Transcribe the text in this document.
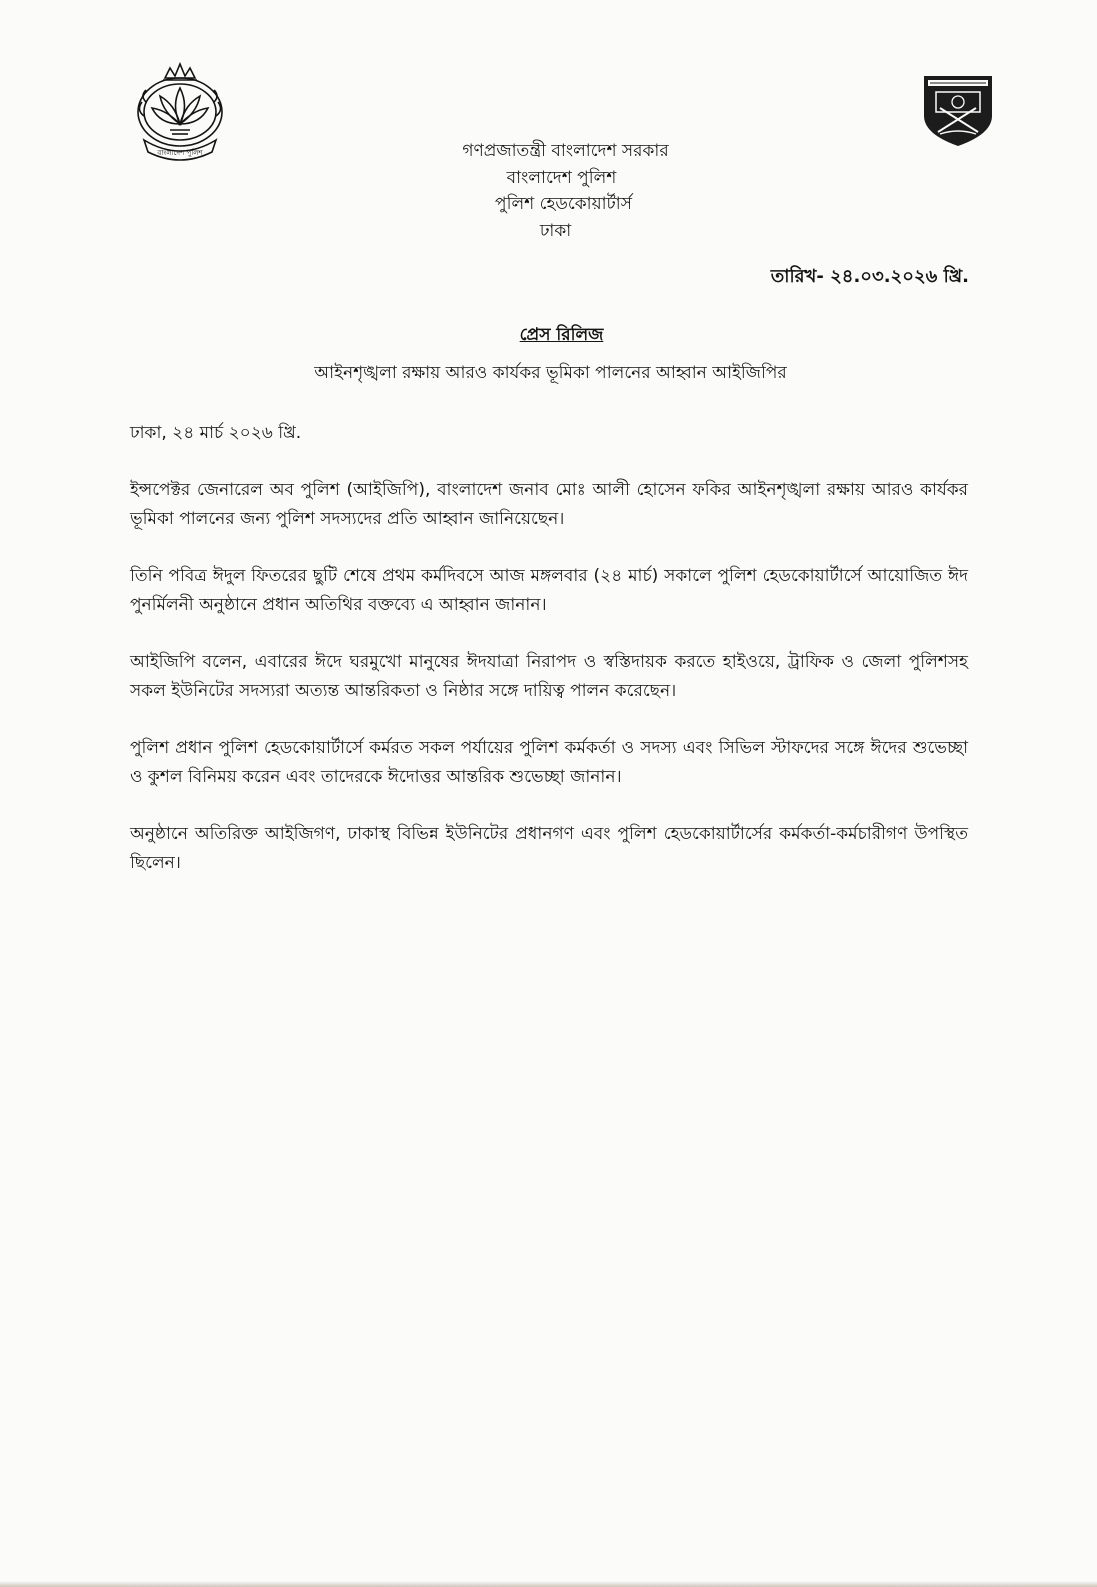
বাংলাদেশ পুলিশ	গণপ্রজাতন্ত্রী বাংলাদেশ সরকার
বাংলাদেশ পুলিশ
পুলিশ হেডকোয়ার্টার্স
ঢাকা
তারিখ- ২৪.০৩.২০২৬ খ্রি.
প্রেস রিলিজ
আইনশৃঙ্খলা রক্ষায় আরও কার্যকর ভূমিকা পালনের আহ্বান আইজিপির
ঢাকা, ২৪ মার্চ ২০২৬ খ্রি.

ইন্সপেক্টর জেনারেল অব পুলিশ (আইজিপি), বাংলাদেশ জনাব মোঃ আলী হোসেন ফকির আইনশৃঙ্খলা রক্ষায় আরও কার্যকর ভূমিকা পালনের জন্য পুলিশ সদস্যদের প্রতি আহ্বান জানিয়েছেন।

তিনি পবিত্র ঈদুল ফিতরের ছুটি শেষে প্রথম কর্মদিবসে আজ মঙ্গলবার (২৪ মার্চ) সকালে পুলিশ হেডকোয়ার্টার্সে আয়োজিত ঈদ পুনর্মিলনী অনুষ্ঠানে প্রধান অতিথির বক্তব্যে এ আহ্বান জানান।

আইজিপি বলেন, এবারের ঈদে ঘরমুখো মানুষের ঈদযাত্রা নিরাপদ ও স্বস্তিদায়ক করতে হাইওয়ে, ট্রাফিক ও জেলা পুলিশসহ সকল ইউনিটের সদস্যরা অত্যন্ত আন্তরিকতা ও নিষ্ঠার সঙ্গে দায়িত্ব পালন করেছেন।

পুলিশ প্রধান পুলিশ হেডকোয়ার্টার্সে কর্মরত সকল পর্যায়ের পুলিশ কর্মকর্তা ও সদস্য এবং সিভিল স্টাফদের সঙ্গে ঈদের শুভেচ্ছা ও কুশল বিনিময় করেন এবং তাদেরকে ঈদোত্তর আন্তরিক শুভেচ্ছা জানান।

অনুষ্ঠানে অতিরিক্ত আইজিগণ, ঢাকাস্থ বিভিন্ন ইউনিটের প্রধানগণ এবং পুলিশ হেডকোয়ার্টার্সের কর্মকর্তা-কর্মচারীগণ উপস্থিত ছিলেন।
